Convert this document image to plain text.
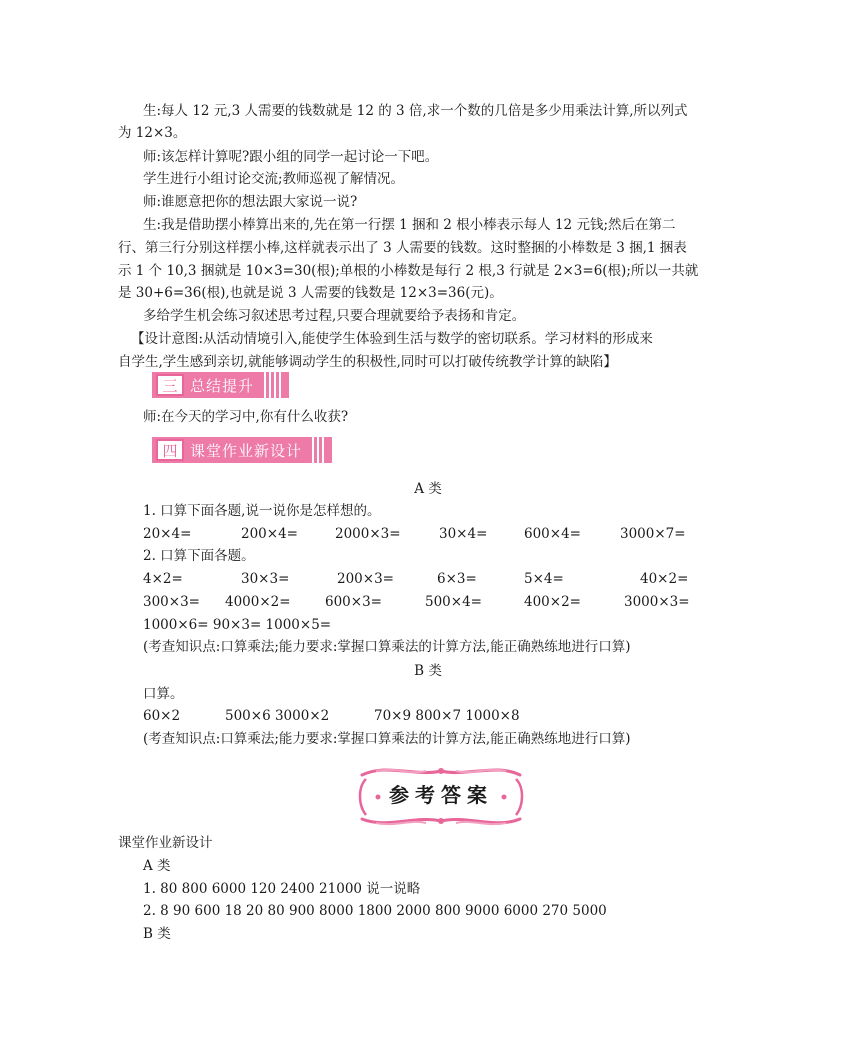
生:每人 12 元,3 人需要的钱数就是 12 的 3 倍,求一个数的几倍是多少用乘法计算,所以列式
为 12×3。
师:该怎样计算呢?跟小组的同学一起讨论一下吧。
学生进行小组讨论交流;教师巡视了解情况。
师:谁愿意把你的想法跟大家说一说?
生:我是借助摆小棒算出来的,先在第一行摆 1 捆和 2 根小棒表示每人 12 元钱;然后在第二
行、第三行分别这样摆小棒,这样就表示出了 3 人需要的钱数。这时整捆的小棒数是 3 捆,1 捆表
示 1 个 10,3 捆就是 10×3=30(根);单根的小棒数是每行 2 根,3 行就是 2×3=6(根);所以一共就
是 30+6=36(根),也就是说 3 人需要的钱数是 12×3=36(元)。
多给学生机会练习叙述思考过程,只要合理就要给予表扬和肯定。
【设计意图:从活动情境引入,能使学生体验到生活与数学的密切联系。学习材料的形成来
自学生,学生感到亲切,就能够调动学生的积极性,同时可以打破传统教学计算的缺陷】
三 总结提升
师:在今天的学习中,你有什么收获?
四 课堂作业新设计
A 类
1. 口算下面各题,说一说你是怎样想的。
20×4=	200×4=	2000×3=	30×4=	600×4=	3000×7=
2. 口算下面各题。
4×2=	30×3=	200×3=	6×3=	5×4=	40×2=
300×3= 4000×2=	600×3=	500×4=	400×2=	3000×3=
1000×6= 90×3= 1000×5=
(考查知识点:口算乘法;能力要求:掌握口算乘法的计算方法,能正确熟练地进行口算)
B 类
口算。
60×2	500×6 3000×2	70×9 800×7 1000×8
(考查知识点:口算乘法;能力要求:掌握口算乘法的计算方法,能正确熟练地进行口算)
参考答案
课堂作业新设计
A 类
1. 80 800 6000 120 2400 21000 说一说略
2. 8 90 600 18 20 80 900 8000 1800 2000 800 9000 6000 270 5000
B 类
